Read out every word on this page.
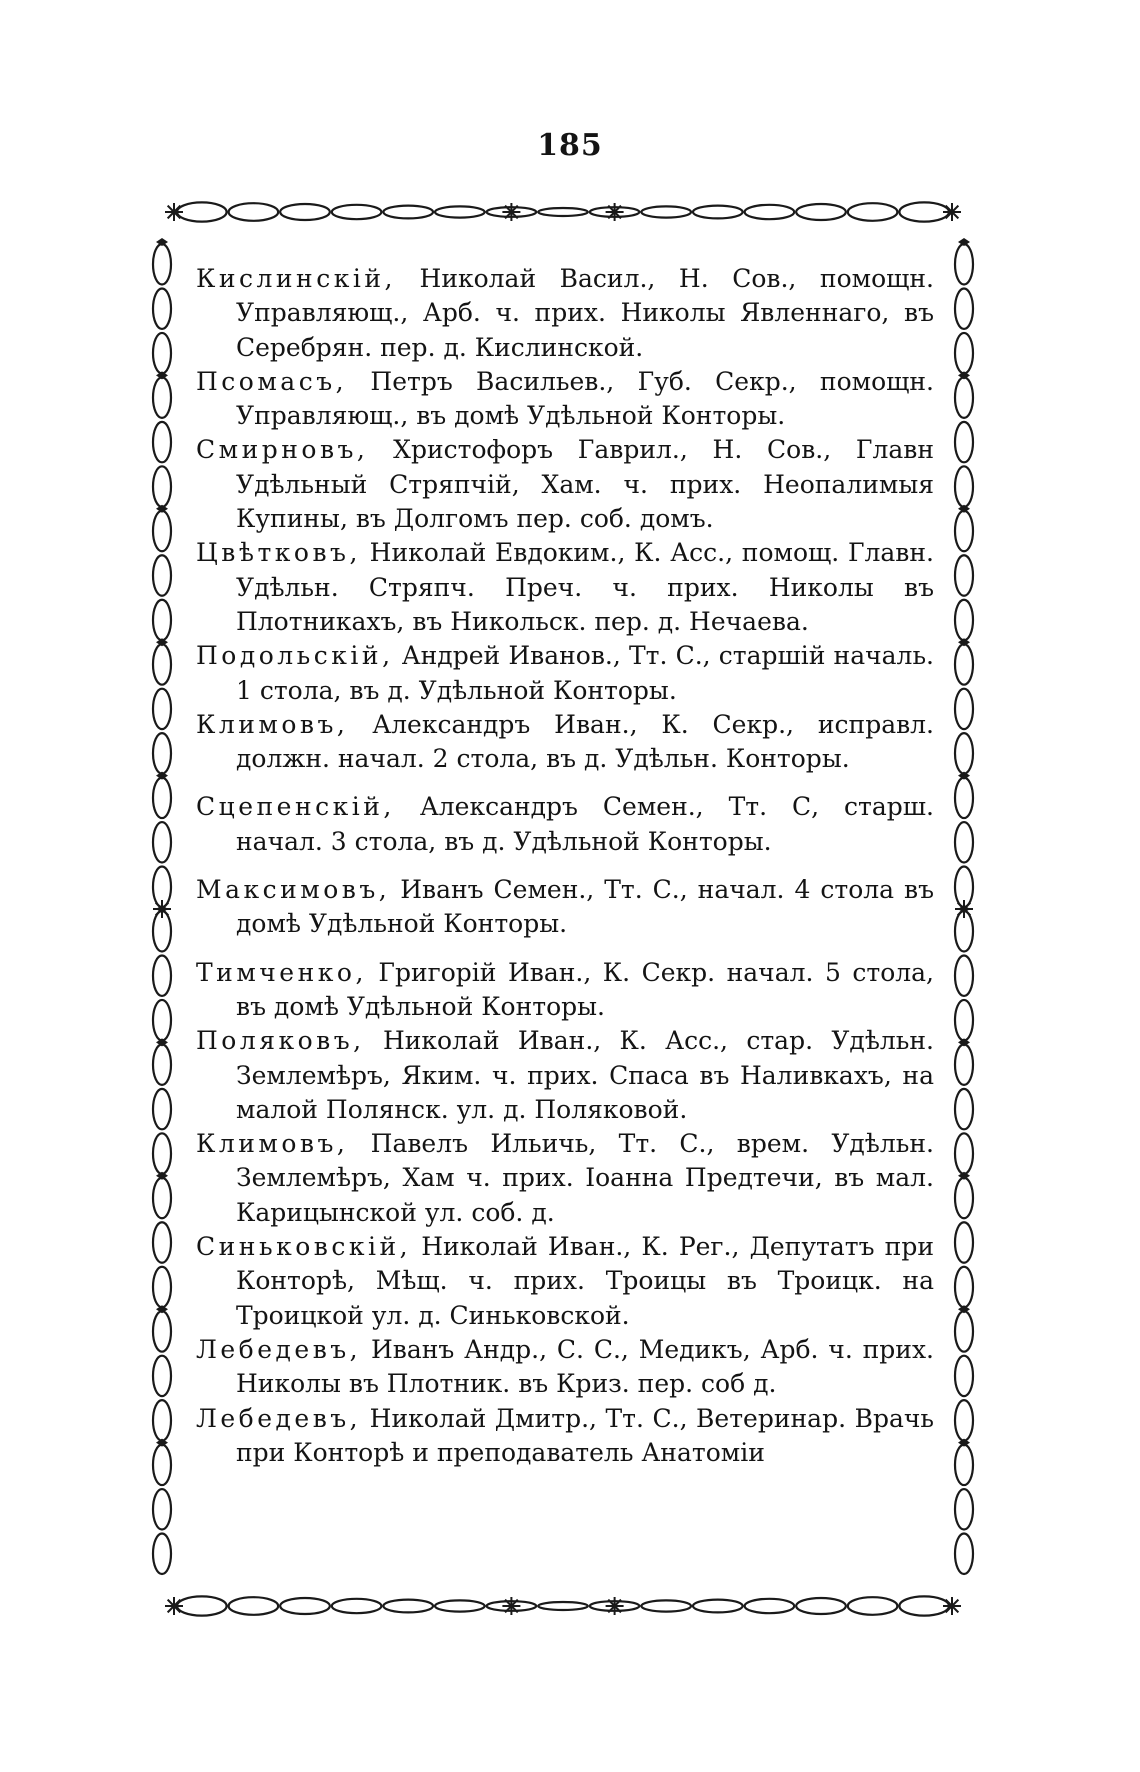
185

Кислинскій, Николай Васил., Н. Сов., помощн. Управляющ., Арб. ч. прих. Николы Явленнаго, въ Серебрян. пер. д. Кислинской.

Псомасъ, Петръ Васильев., Губ. Секр., помощн. Управляющ., въ домѣ Удѣльной Конторы.

Смирновъ, Христофоръ Гаврил., Н. Сов., Главн Удѣльный Стряпчій, Хам. ч. прих. Неопалимыя Купины, въ Долгомъ пер. соб. домъ.

Цвѣтковъ, Николай Евдоким., К. Асс., помощ. Главн. Удѣльн. Стряпч. Преч. ч. прих. Николы въ Плотникахъ, въ Никольск. пер. д. Нечаева.

Подольскій, Андрей Иванов., Тт. С., старшій началь. 1 стола, въ д. Удѣльной Конторы.

Климовъ, Александръ Иван., К. Секр., исправл. должн. начал. 2 стола, въ д. Удѣльн. Конторы.

Сцепенскій, Александръ Семен., Тт. С, старш. начал. 3 стола, въ д. Удѣльной Конторы.

Максимовъ, Иванъ Семен., Тт. С., начал. 4 стола въ домѣ Удѣльной Конторы.

Тимченко, Григорій Иван., К. Секр. начал. 5 стола, въ домѣ Удѣльной Конторы.

Поляковъ, Николай Иван., К. Асс., стар. Удѣльн. Землемѣръ, Яким. ч. прих. Спаса въ Наливкахъ, на малой Полянск. ул. д. Поляковой.

Климовъ, Павелъ Ильичь, Тт. С., врем. Удѣльн. Землемѣръ, Хам ч. прих. Іоанна Предтечи, въ мал. Карицынской ул. соб. д.

Синьковскій, Николай Иван., К. Рег., Депутатъ при Конторѣ, Мѣщ. ч. прих. Троицы въ Троицк. на Троицкой ул. д. Синьковской.

Лебедевъ, Иванъ Андр., С. С., Медикъ, Арб. ч. прих. Николы въ Плотник. въ Криз. пер. соб д.

Лебедевъ, Николай Дмитр., Тт. С., Ветеринар. Врачь при Конторѣ и преподаватель Анатоміи
